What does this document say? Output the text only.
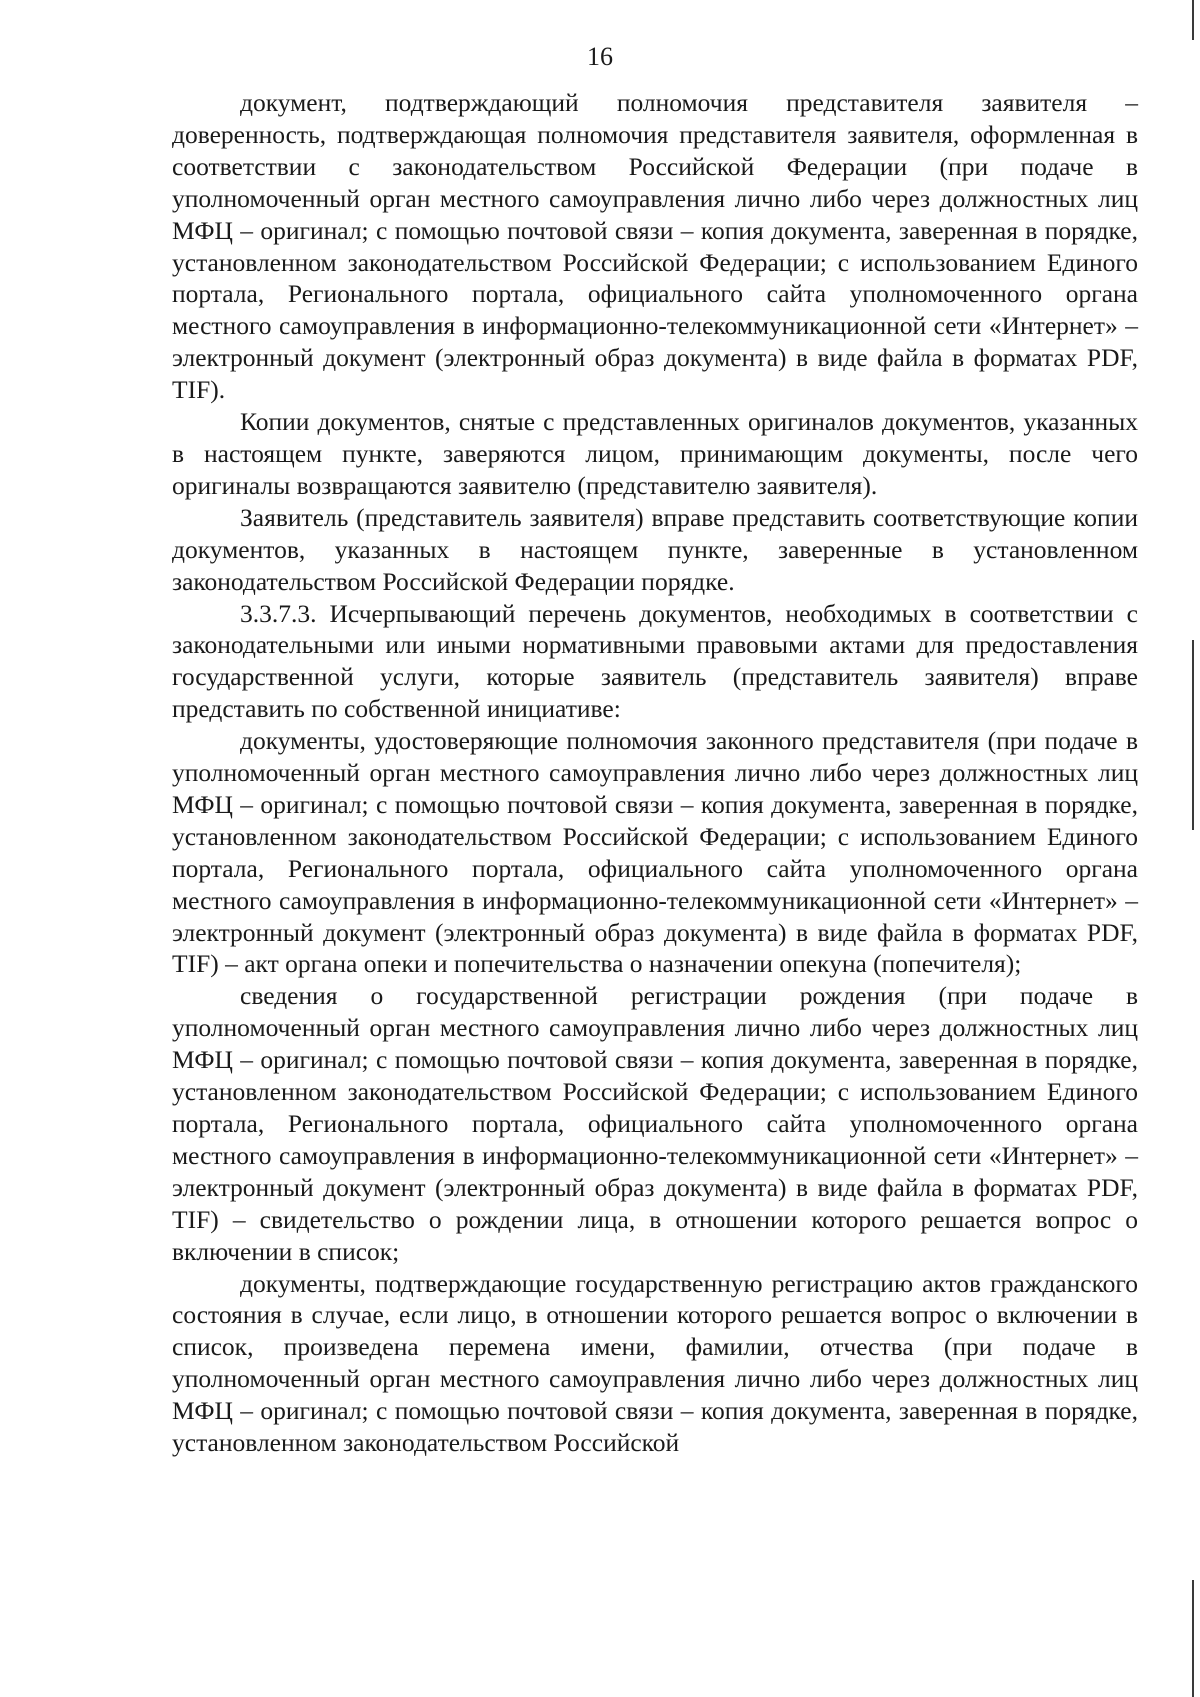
16

документ, подтверждающий полномочия представителя заявителя – доверенность, подтверждающая полномочия представителя заявителя, оформленная в соответствии с законодательством Российской Федерации (при подаче в уполномоченный орган местного самоуправления лично либо через должностных лиц МФЦ – оригинал; с помощью почтовой связи – копия документа, заверенная в порядке, установленном законодательством Российской Федерации; с использованием Единого портала, Регионального портала, официального сайта уполномоченного органа местного самоуправления в информационно-телекоммуникационной сети «Интернет» – электронный документ (электронный образ документа) в виде файла в форматах PDF, TIF).

Копии документов, снятые с представленных оригиналов документов, указанных в настоящем пункте, заверяются лицом, принимающим документы, после чего оригиналы возвращаются заявителю (представителю заявителя).

Заявитель (представитель заявителя) вправе представить соответствующие копии документов, указанных в настоящем пункте, заверенные в установленном законодательством Российской Федерации порядке.

3.3.7.3. Исчерпывающий перечень документов, необходимых в соответствии с законодательными или иными нормативными правовыми актами для предоставления государственной услуги, которые заявитель (представитель заявителя) вправе представить по собственной инициативе:

документы, удостоверяющие полномочия законного представителя (при подаче в уполномоченный орган местного самоуправления лично либо через должностных лиц МФЦ – оригинал; с помощью почтовой связи – копия документа, заверенная в порядке, установленном законодательством Российской Федерации; с использованием Единого портала, Регионального портала, официального сайта уполномоченного органа местного самоуправления в информационно-телекоммуникационной сети «Интернет» – электронный документ (электронный образ документа) в виде файла в форматах PDF, TIF) – акт органа опеки и попечительства о назначении опекуна (попечителя);

сведения о государственной регистрации рождения (при подаче в уполномоченный орган местного самоуправления лично либо через должностных лиц МФЦ – оригинал; с помощью почтовой связи – копия документа, заверенная в порядке, установленном законодательством Российской Федерации; с использованием Единого портала, Регионального портала, официального сайта уполномоченного органа местного самоуправления в информационно-телекоммуникационной сети «Интернет» – электронный документ (электронный образ документа) в виде файла в форматах PDF, TIF) – свидетельство о рождении лица, в отношении которого решается вопрос о включении в список;

документы, подтверждающие государственную регистрацию актов гражданского состояния в случае, если лицо, в отношении которого решается вопрос о включении в список, произведена перемена имени, фамилии, отчества (при подаче в уполномоченный орган местного самоуправления лично либо через должностных лиц МФЦ – оригинал; с помощью почтовой связи – копия документа, заверенная в порядке, установленном законодательством Российской
